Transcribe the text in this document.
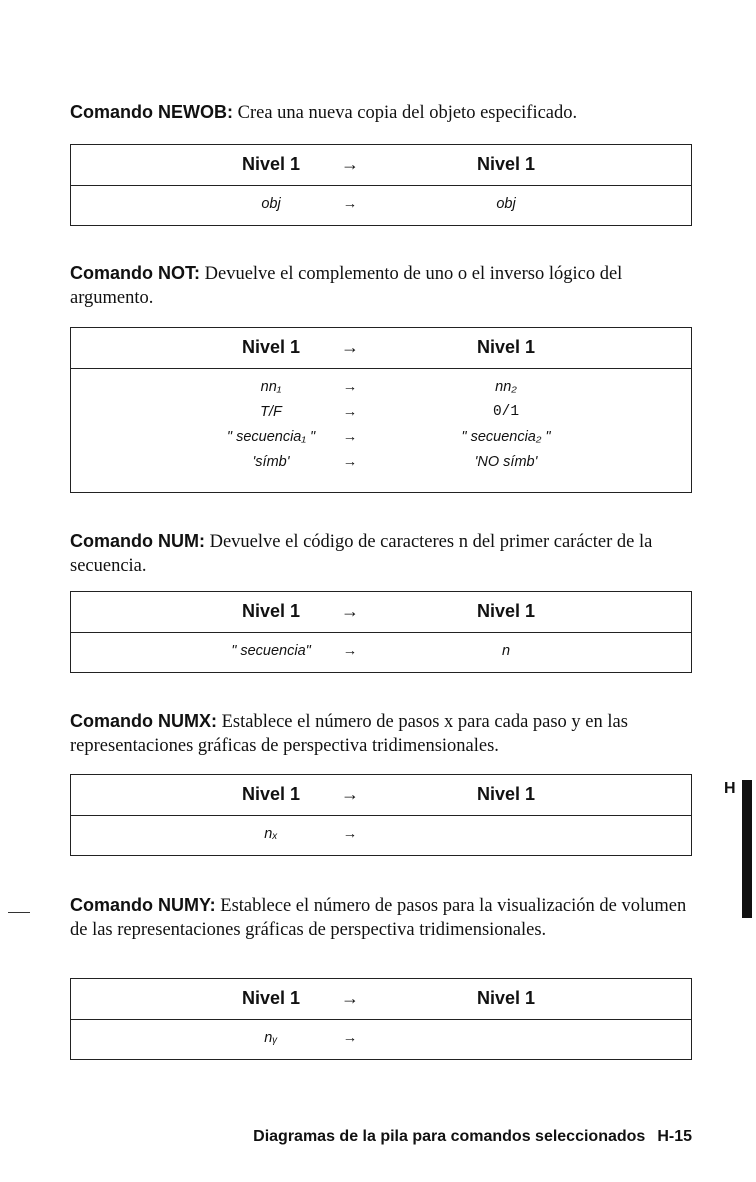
Comando NEWOB: Crea una nueva copia del objeto especificado.

Nivel 1	→	Nivel 1
obj	→	obj

Comando NOT: Devuelve el complemento de uno o el inverso lógico del argumento.

Nivel 1	→	Nivel 1
nn₁	→	nn₂
T/F	→	0/1
" secuencia₁ "	→	" secuencia₂ "
'símb'	→	'NO símb'

Comando NUM: Devuelve el código de caracteres n del primer carácter de la secuencia.

Nivel 1	→	Nivel 1
" secuencia"	→	n

Comando NUMX: Establece el número de pasos x para cada paso y en las representaciones gráficas de perspectiva tridimensionales.

Nivel 1	→	Nivel 1
nₓ	→

Comando NUMY: Establece el número de pasos para la visualización de volumen de las representaciones gráficas de perspectiva tridimensionales.

Nivel 1	→	Nivel 1
nᵧ	→
H
Diagramas de la pila para comandos seleccionados H-15
